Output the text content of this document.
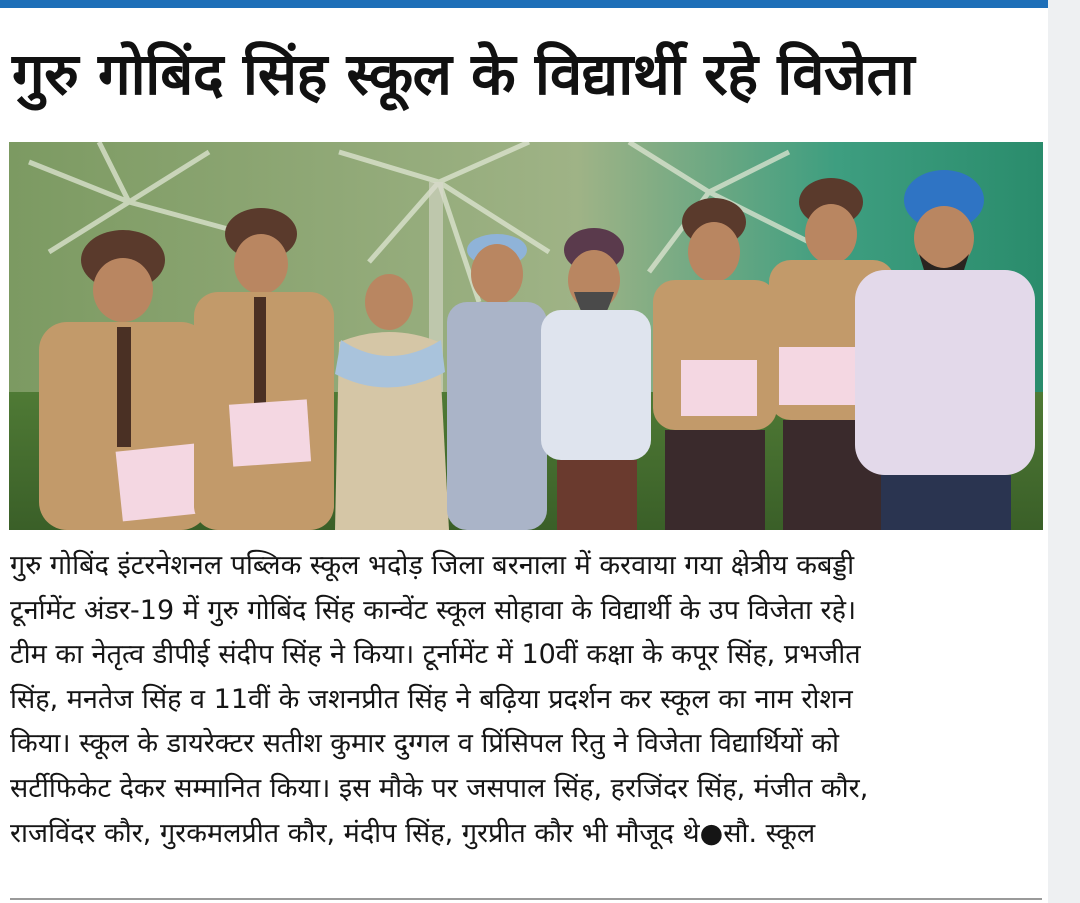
गुरु गोबिंद सिंह स्कूल के विद्यार्थी रहे विजेता
गुरु गोबिंद इंटरनेशनल पब्लिक स्कूल भदोड़ जिला बरनाला में करवाया गया क्षेत्रीय कबड्डी
टूर्नामेंट अंडर-19 में गुरु गोबिंद सिंह कान्वेंट स्कूल सोहावा के विद्यार्थी के उप विजेता रहे।
टीम का नेतृत्व डीपीई संदीप सिंह ने किया। टूर्नामेंट में 10वीं कक्षा के कपूर सिंह, प्रभजीत
सिंह, मनतेज सिंह व 11वीं के जशनप्रीत सिंह ने बढ़िया प्रदर्शन कर स्कूल का नाम रोशन
किया। स्कूल के डायरेक्टर सतीश कुमार दुग्गल व प्रिंसिपल रितु ने विजेता विद्यार्थियों को
सर्टीफिकेट देकर सम्मानित किया। इस मौके पर जसपाल सिंह, हरजिंदर सिंह, मंजीत कौर,
राजविंदर कौर, गुरकमलप्रीत कौर, मंदीप सिंह, गुरप्रीत कौर भी मौजूद थे●सौ. स्कूल
